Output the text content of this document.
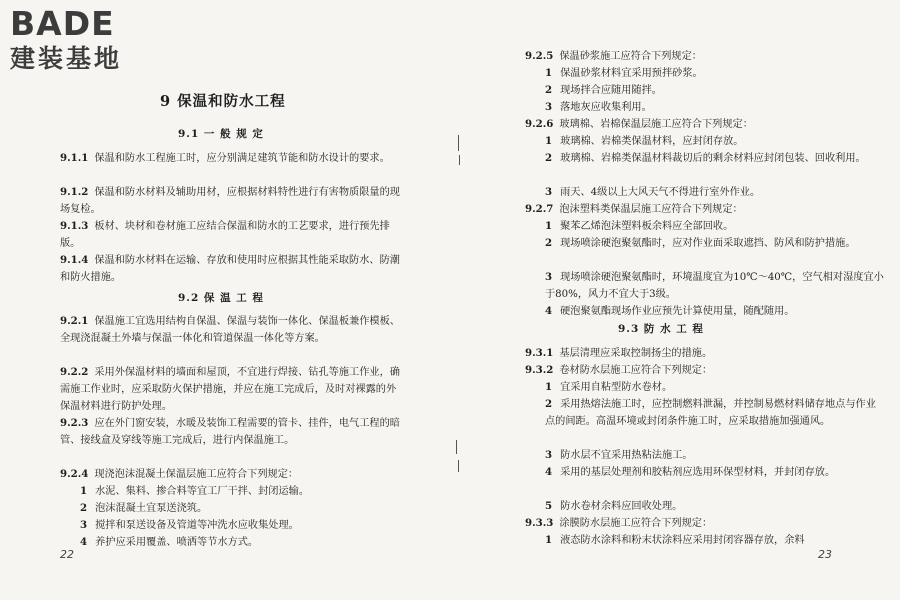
BADE
建装基地
9 保温和防水工程
9.1 一 般 规 定
9.1.1 保温和防水工程施工时，应分别满足建筑节能和防水设计的要求。
9.1.2 保温和防水材料及辅助用材，应根据材料特性进行有害物质限量的现场复检。
9.1.3 板材、块材和卷材施工应结合保温和防水的工艺要求，进行预先排版。
9.1.4 保温和防水材料在运输、存放和使用时应根据其性能采取防水、防潮和防火措施。
9.2 保 温 工 程
9.2.1 保温施工宜选用结构自保温、保温与装饰一体化、保温板兼作模板、全现浇混凝土外墙与保温一体化和管道保温一体化等方案。
9.2.2 采用外保温材料的墙面和屋顶，不宜进行焊接、钻孔等施工作业，确需施工作业时，应采取防火保护措施，并应在施工完成后，及时对裸露的外保温材料进行防护处理。
9.2.3 应在外门窗安装，水暖及装饰工程需要的管卡、挂件，电气工程的暗管、接线盒及穿线等施工完成后，进行内保温施工。
9.2.4 现浇泡沫混凝土保温层施工应符合下列规定：
1 水泥、集料、掺合料等宜工厂干拌、封闭运输。
2 泡沫混凝土宜泵送浇筑。
3 搅拌和泵送设备及管道等冲洗水应收集处理。
4 养护应采用覆盖、喷洒等节水方式。
22
9.2.5 保温砂浆施工应符合下列规定：
1 保温砂浆材料宜采用预拌砂浆。
2 现场拌合应随用随拌。
3 落地灰应收集利用。
9.2.6 玻璃棉、岩棉保温层施工应符合下列规定：
1 玻璃棉、岩棉类保温材料，应封闭存放。
2 玻璃棉、岩棉类保温材料裁切后的剩余材料应封闭包装、回收利用。
3 雨天、4级以上大风天气不得进行室外作业。
9.2.7 泡沫塑料类保温层施工应符合下列规定：
1 聚苯乙烯泡沫塑料板余料应全部回收。
2 现场喷涂硬泡聚氨酯时，应对作业面采取遮挡、防风和防护措施。
3 现场喷涂硬泡聚氨酯时，环境温度宜为10℃～40℃，空气相对湿度宜小于80%，风力不宜大于3级。
4 硬泡聚氨酯现场作业应预先计算使用量，随配随用。
9.3 防 水 工 程
9.3.1 基层清理应采取控制扬尘的措施。
9.3.2 卷材防水层施工应符合下列规定：
1 宜采用自粘型防水卷材。
2 采用热熔法施工时，应控制燃料泄漏，并控制易燃材料储存地点与作业点的间距。高温环境或封闭条件施工时，应采取措施加强通风。
3 防水层不宜采用热粘法施工。
4 采用的基层处理剂和胶粘剂应选用环保型材料，并封闭存放。
5 防水卷材余料应回收处理。
9.3.3 涂膜防水层施工应符合下列规定：
1 液态防水涂料和粉末状涂料应采用封闭容器存放，余料
23
